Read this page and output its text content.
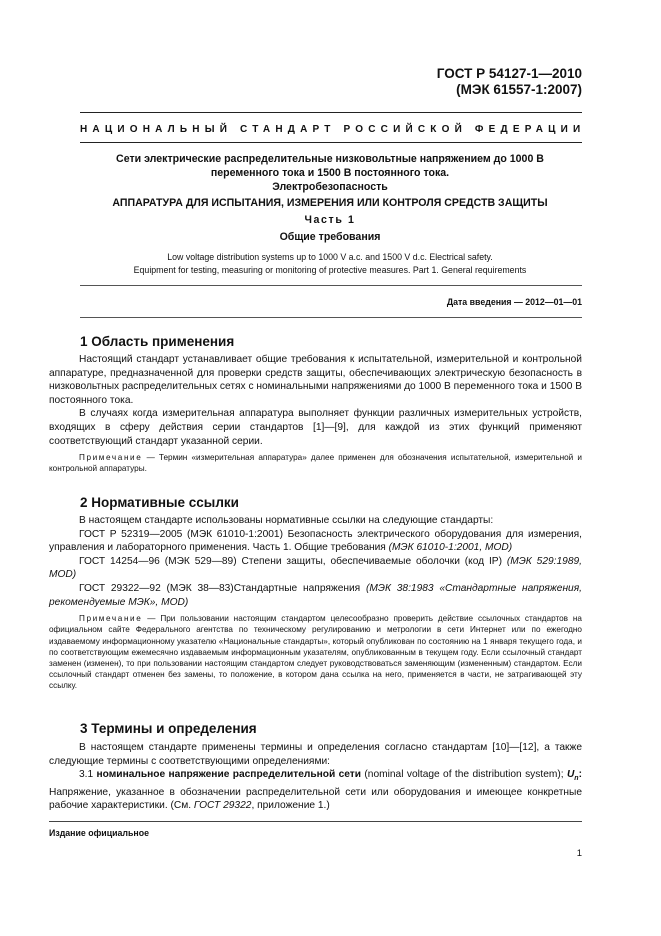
ГОСТ Р 54127-1—2010
(МЭК 61557-1:2007)
НАЦИОНАЛЬНЫЙ СТАНДАРТ РОССИЙСКОЙ ФЕДЕРАЦИИ
Сети электрические распределительные низковольтные напряжением до 1000 В
переменного тока и 1500 В постоянного тока.
Электробезопасность
АППАРАТУРА ДЛЯ ИСПЫТАНИЯ, ИЗМЕРЕНИЯ ИЛИ КОНТРОЛЯ СРЕДСТВ ЗАЩИТЫ
Часть 1
Общие требования
Low voltage distribution systems up to 1000 V a.c. and 1500 V d.c. Electrical safety.
Equipment for testing, measuring or monitoring of protective measures. Part 1. General requirements
Дата введения — 2012—01—01
1 Область применения

Настоящий стандарт устанавливает общие требования к испытательной, измерительной и контрольной аппаратуре, предназначенной для проверки средств защиты, обеспечивающих электрическую безопасность в низковольтных распределительных сетях с номинальными напряжениями до 1000 В переменного тока и 1500 В постоянного тока.

В случаях когда измерительная аппаратура выполняет функции различных измерительных устройств, входящих в сферу действия серии стандартов [1]—[9], для каждой из этих функций применяют соответствующий стандарт указанной серии.

Примечание — Термин «измерительная аппаратура» далее применен для обозначения испытательной, измерительной и контрольной аппаратуры.

2 Нормативные ссылки

В настоящем стандарте использованы нормативные ссылки на следующие стандарты:

ГОСТ Р 52319—2005 (МЭК 61010-1:2001) Безопасность электрического оборудования для измерения, управления и лабораторного применения. Часть 1. Общие требования (МЭК 61010-1:2001, MOD)

ГОСТ 14254—96 (МЭК 529—89) Степени защиты, обеспечиваемые оболочки (код IP) (МЭК 529:1989, MOD)

ГОСТ 29322—92 (МЭК 38—83)Стандартные напряжения (МЭК 38:1983 «Стандартные напряжения, рекомендуемые МЭК», MOD)

Примечание — При пользовании настоящим стандартом целесообразно проверить действие ссылочных стандартов на официальном сайте Федерального агентства по техническому регулированию и метрологии в сети Интернет или по ежегодно издаваемому информационному указателю «Национальные стандарты», который опубликован по состоянию на 1 января текущего года, и по соответствующим ежемесячно издаваемым информационным указателям, опубликованным в текущем году. Если ссылочный стандарт заменен (изменен), то при пользовании настоящим стандартом следует руководствоваться заменяющим (измененным) стандартом. Если ссылочный стандарт отменен без замены, то положение, в котором дана ссылка на него, применяется в части, не затрагивающей эту ссылку.

3 Термины и определения

В настоящем стандарте применены термины и определения согласно стандартам [10]—[12], а также следующие термины с соответствующими определениями:

3.1 номинальное напряжение распределительной сети (nominal voltage of the distribution system); $U_n$: Напряжение, указанное в обозначении распределительной сети или оборудования и имеющее конкретные рабочие характеристики. (См. ГОСТ 29322, приложение 1.)

Издание официальное
1
